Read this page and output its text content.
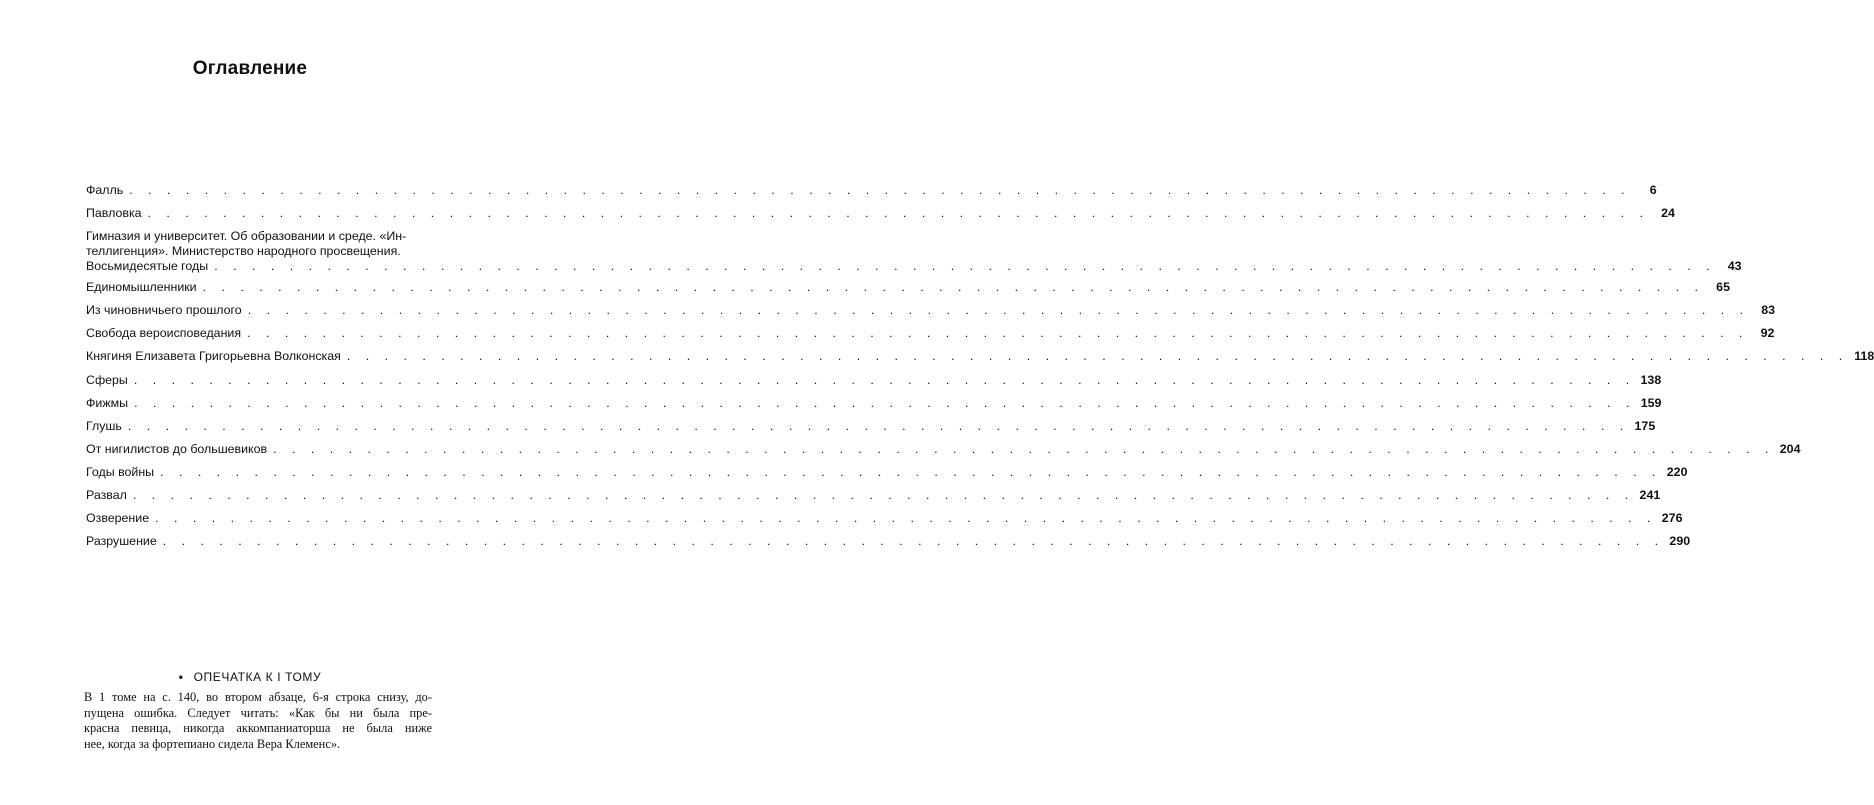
Оглавление
Фалль . . . . . . . . . . . . . . . . . . . . . . . . . . . . . . . . . . . . . . . . . . . . . . . . . . . . . . . . . . . . . . . . . . . . . . . . . . . . . . . .	6
Павловка . . . . . . . . . . . . . . . . . . . . . . . . . . . . . . . . . . . . . . . . . . . . . . . . . . . . . . . . . . . . . . . . . . . . . . . . . . . . . . . . 24
Гимназия и университет. Об образовании и среде. «Ин-
теллигенция». Министерство народного просвещения.
Восьмидесятые годы . . . . . . . . . . . . . . . . . . . . . . . . . . . . . . . . . . . . . . . . . . . . . . . . . . . . . . . . . . . . . . . . . . . . . . . . . . . . . . . . 43
Единомышленники . . . . . . . . . . . . . . . . . . . . . . . . . . . . . . . . . . . . . . . . . . . . . . . . . . . . . . . . . . . . . . . . . . . . . . . . . . . . . . . . 65
Из чиновничьего прошлого . . . . . . . . . . . . . . . . . . . . . . . . . . . . . . . . . . . . . . . . . . . . . . . . . . . . . . . . . . . . . . . . . . . . . . . . . . . . . . . . 83
Свобода вероисповедания . . . . . . . . . . . . . . . . . . . . . . . . . . . . . . . . . . . . . . . . . . . . . . . . . . . . . . . . . . . . . . . . . . . . . . . . . . . . . . . . 92
Княгиня Елизавета Григорьевна Волконская . . . . . . . . . . . . . . . . . . . . . . . . . . . . . . . . . . . . . . . . . . . . . . . . . . . . . . . . . . . . . . . . . . . . . . . . . . . . . . . . 118
Сферы . . . . . . . . . . . . . . . . . . . . . . . . . . . . . . . . . . . . . . . . . . . . . . . . . . . . . . . . . . . . . . . . . . . . . . . . . . . . . . . . 138
Фижмы . . . . . . . . . . . . . . . . . . . . . . . . . . . . . . . . . . . . . . . . . . . . . . . . . . . . . . . . . . . . . . . . . . . . . . . . . . . . . . . . 159
Глушь . . . . . . . . . . . . . . . . . . . . . . . . . . . . . . . . . . . . . . . . . . . . . . . . . . . . . . . . . . . . . . . . . . . . . . . . . . . . . . . . 175
От нигилистов до большевиков . . . . . . . . . . . . . . . . . . . . . . . . . . . . . . . . . . . . . . . . . . . . . . . . . . . . . . . . . . . . . . . . . . . . . . . . . . . . . . . . 204
Годы войны . . . . . . . . . . . . . . . . . . . . . . . . . . . . . . . . . . . . . . . . . . . . . . . . . . . . . . . . . . . . . . . . . . . . . . . . . . . . . . . . 220
Развал . . . . . . . . . . . . . . . . . . . . . . . . . . . . . . . . . . . . . . . . . . . . . . . . . . . . . . . . . . . . . . . . . . . . . . . . . . . . . . . . 241
Озверение . . . . . . . . . . . . . . . . . . . . . . . . . . . . . . . . . . . . . . . . . . . . . . . . . . . . . . . . . . . . . . . . . . . . . . . . . . . . . . . . 276
Разрушение . . . . . . . . . . . . . . . . . . . . . . . . . . . . . . . . . . . . . . . . . . . . . . . . . . . . . . . . . . . . . . . . . . . . . . . . . . . . . . . . 290
• ОПЕЧАТКА К I ТОМУ
В 1 томе на с. 140, во втором абзаце, 6-я строка снизу, до-
пущена ошибка. Следует читать: «Как бы ни была пре-
красна певица, никогда аккомпаниаторша не была ниже
нее, когда за фортепиано сидела Вера Клеменс».
